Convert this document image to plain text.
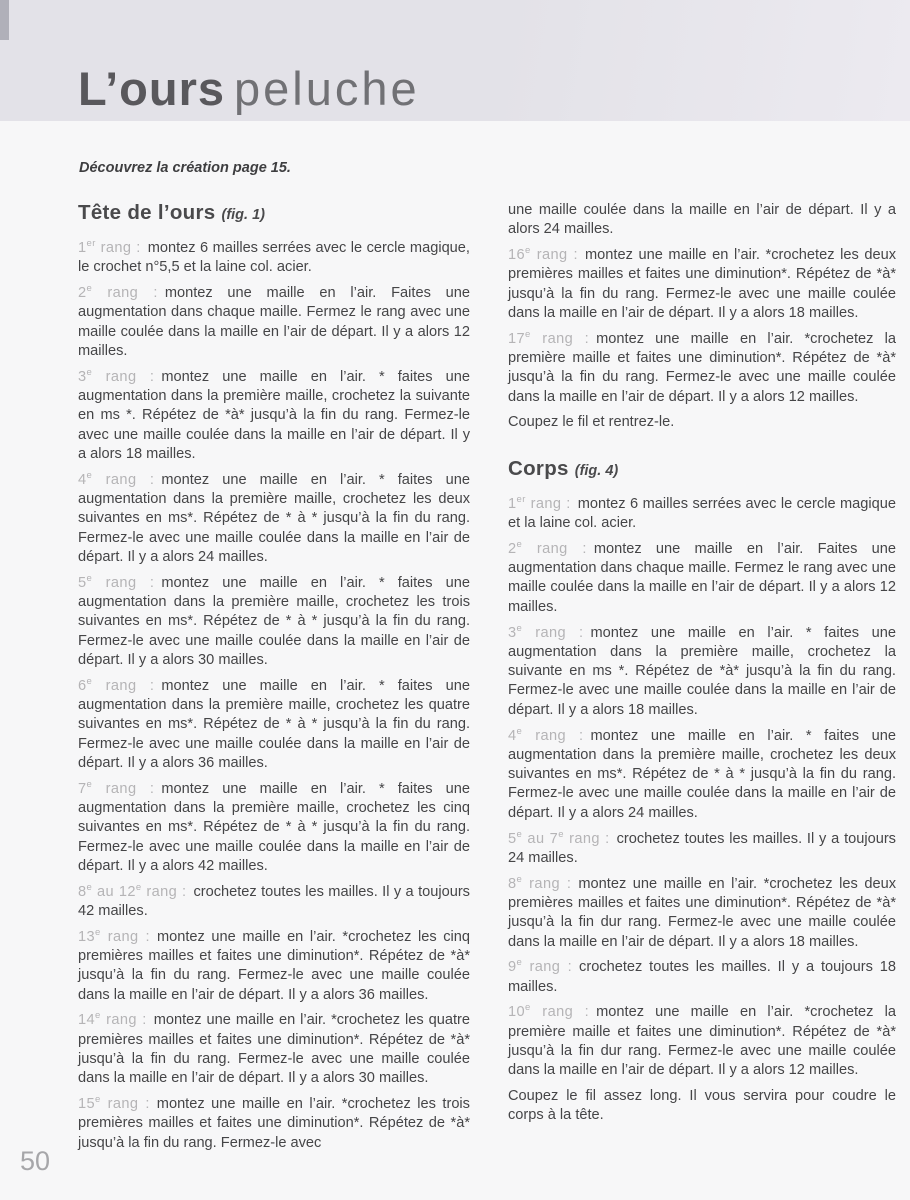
L’ours peluche

Découvrez la création page 15.

Tête de l’ours (fig. 1)

1er rang : montez 6 mailles serrées avec le cercle magique, le crochet n°5,5 et la laine col. acier.

2e rang : montez une maille en l’air. Faites une augmentation dans chaque maille. Fermez le rang avec une maille coulée dans la maille en l’air de départ. Il y a alors 12 mailles.

3e rang : montez une maille en l’air. * faites une augmentation dans la première maille, crochetez la suivante en ms *. Répétez de *à* jusqu’à la fin du rang. Fermez-le avec une maille coulée dans la maille en l’air de départ. Il y a alors 18 mailles.

4e rang : montez une maille en l’air. * faites une augmentation dans la première maille, crochetez les deux suivantes en ms*. Répétez de * à * jusqu’à la fin du rang. Fermez-le avec une maille coulée dans la maille en l’air de départ. Il y a alors 24 mailles.

5e rang : montez une maille en l’air. * faites une augmentation dans la première maille, crochetez les trois suivantes en ms*. Répétez de * à * jusqu’à la fin du rang. Fermez-le avec une maille coulée dans la maille en l’air de départ. Il y a alors 30 mailles.

6e rang : montez une maille en l’air. * faites une augmentation dans la première maille, crochetez les quatre suivantes en ms*. Répétez de * à * jusqu’à la fin du rang. Fermez-le avec une maille coulée dans la maille en l’air de départ. Il y a alors 36 mailles.

7e rang : montez une maille en l’air. * faites une augmentation dans la première maille, crochetez les cinq suivantes en ms*. Répétez de * à * jusqu’à la fin du rang. Fermez-le avec une maille coulée dans la maille en l’air de départ. Il y a alors 42 mailles.

8e au 12e rang : crochetez toutes les mailles. Il y a toujours 42 mailles.

13e rang : montez une maille en l’air. *crochetez les cinq premières mailles et faites une diminution*. Répétez de *à* jusqu’à la fin du rang. Fermez-le avec une maille coulée dans la maille en l’air de départ. Il y a alors 36 mailles.

14e rang : montez une maille en l’air. *crochetez les quatre premières mailles et faites une diminution*. Répétez de *à* jusqu’à la fin du rang. Fermez-le avec une maille coulée dans la maille en l’air de départ. Il y a alors 30 mailles.

15e rang : montez une maille en l’air. *crochetez les trois premières mailles et faites une diminution*. Répétez de *à* jusqu’à la fin du rang. Fermez-le avec

une maille coulée dans la maille en l’air de départ. Il y a alors 24 mailles.

16e rang : montez une maille en l’air. *crochetez les deux premières mailles et faites une diminution*. Répétez de *à* jusqu’à la fin du rang. Fermez-le avec une maille coulée dans la maille en l’air de départ. Il y a alors 18 mailles.

17e rang : montez une maille en l’air. *crochetez la première maille et faites une diminution*. Répétez de *à* jusqu’à la fin du rang. Fermez-le avec une maille coulée dans la maille en l’air de départ. Il y a alors 12 mailles.

Coupez le fil et rentrez-le.

Corps (fig. 4)

1er rang : montez 6 mailles serrées avec le cercle magique et la laine col. acier.

2e rang : montez une maille en l’air. Faites une augmentation dans chaque maille. Fermez le rang avec une maille coulée dans la maille en l’air de départ. Il y a alors 12 mailles.

3e rang : montez une maille en l’air. * faites une augmentation dans la première maille, crochetez la suivante en ms *. Répétez de *à* jusqu’à la fin du rang. Fermez-le avec une maille coulée dans la maille en l’air de départ. Il y a alors 18 mailles.

4e rang : montez une maille en l’air. * faites une augmentation dans la première maille, crochetez les deux suivantes en ms*. Répétez de * à * jusqu’à la fin du rang. Fermez-le avec une maille coulée dans la maille en l’air de départ. Il y a alors 24 mailles.

5e au 7e rang : crochetez toutes les mailles. Il y a toujours 24 mailles.

8e rang : montez une maille en l’air. *crochetez les deux premières mailles et faites une diminution*. Répétez de *à* jusqu’à la fin dur rang. Fermez-le avec une maille coulée dans la maille en l’air de départ. Il y a alors 18 mailles.

9e rang : crochetez toutes les mailles. Il y a toujours 18 mailles.

10e rang : montez une maille en l’air. *crochetez la première maille et faites une diminution*. Répétez de *à* jusqu’à la fin dur rang. Fermez-le avec une maille coulée dans la maille en l’air de départ. Il y a alors 12 mailles.

Coupez le fil assez long. Il vous servira pour coudre le corps à la tête.

50
